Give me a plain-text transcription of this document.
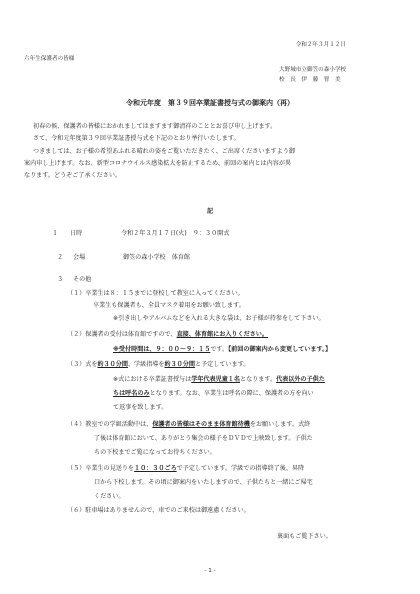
令和２年３月１２日
六年生保護者の皆様
大野城市立御笠の森小学校
校　長　伊　藤　智　美
令和元年度　第３９回卒業証書授与式の御案内（再）
初春の候、保護者の皆様におかれましてはますます御清祥のこととお喜び申し上げます。
さて、令和元年度第３９回卒業証書授与式を下記のとおり挙行いたします。
つきましては、お子様の希望あふれる晴れの姿をご覧いただきたく、ご出席くださいますよう御
案内申し上げます。なお、新型コロナウイルス感染拡大を防止するため、前回の案内とは内容が異
なります。どうぞご了承ください。
記
１ 日時	令和２年３月１７日(火)　９：３０開式
２ 会場	御笠の森小学校　体育館
３ その他
（１）卒業生は８：１５までに登校して教室に入ってください。
卒業生も保護者も、全員マスク着用をお願い致します。
※引き出しやアルバムなどを入れる大きな袋は、お子様が持参をして下さい。
（２）保護者の受付は体育館ですので、直接、体育館にお入りください。
※受付時間は、９：００～９：１５です。【前回の御案内から変更しています。】
（３）式を約３０分間、学級指導を約３０分間と予定しています。
※式における卒業証書授与は学年代表児童１名となります。代表以外の子供た
ちは呼名のみとなります。なお、卒業生は呼名の際に、保護者の方を向い
て返事を致します。
（４）教室での学級活動中は、保護者の皆様はそのまま体育館待機をお願いします。式終
了後は体育館において、ありがとう集会の様子をＤＶＤで上映致します。子供た
ちの下校までご覧になってお待ちください。
（５）卒業生の見送りを１０：３０ごろで予定しています。学級での指導終了後、昇降
口から下校します。その頃に御案内をいたしますので、子供たちと一緒にご帰宅
ください。
（６）駐車場はありませんので、車でのご来校は御遠慮ください。
裏面もご覧下さい。
- 1 -
